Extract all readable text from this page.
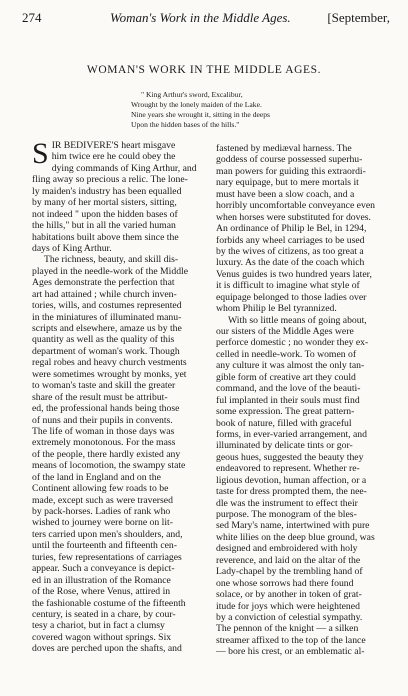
274	Woman's Work in the Middle Ages.	[September,
WOMAN'S WORK IN THE MIDDLE AGES.
" King Arthur's sword, Excalibur,
Wrought by the lonely maiden of the Lake.
Nine years she wrought it, sitting in the deeps
Upon the hidden bases of the hills."
S IR BEDIVERE'S heart misgave
him twice ere he could obey the
dying commands of King Arthur, and
fling away so precious a relic. The lone-
ly maiden's industry has been equalled
by many of her mortal sisters, sitting,
not indeed " upon the hidden bases of
the hills," but in all the varied human
habitations built above them since the
days of King Arthur.
The richness, beauty, and skill dis-
played in the needle-work of the Middle
Ages demonstrate the perfection that
art had attained ; while church inven-
tories, wills, and costumes represented
in the miniatures of illuminated manu-
scripts and elsewhere, amaze us by the
quantity as well as the quality of this
department of woman's work. Though
regal robes and heavy church vestments
were sometimes wrought by monks, yet
to woman's taste and skill the greater
share of the result must be attribut-
ed, the professional hands being those
of nuns and their pupils in convents.
The life of woman in those days was
extremely monotonous. For the mass
of the people, there hardly existed any
means of locomotion, the swampy state
of the land in England and on the
Continent allowing few roads to be
made, except such as were traversed
by pack-horses. Ladies of rank who
wished to journey were borne on lit-
ters carried upon men's shoulders, and,
until the fourteenth and fifteenth cen-
turies, few representations of carriages
appear. Such a conveyance is depict-
ed in an illustration of the Romance
of the Rose, where Venus, attired in
the fashionable costume of the fifteenth
century, is seated in a chare, by cour-
tesy a chariot, but in fact a clumsy
covered wagon without springs. Six
doves are perched upon the shafts, and
fastened by mediæval harness. The
goddess of course possessed superhu-
man powers for guiding this extraordi-
nary equipage, but to mere mortals it
must have been a slow coach, and a
horribly uncomfortable conveyance even
when horses were substituted for doves.
An ordinance of Philip le Bel, in 1294,
forbids any wheel carriages to be used
by the wives of citizens, as too great a
luxury. As the date of the coach which
Venus guides is two hundred years later,
it is difficult to imagine what style of
equipage belonged to those ladies over
whom Philip le Bel tyrannized.
With so little means of going about,
our sisters of the Middle Ages were
perforce domestic ; no wonder they ex-
celled in needle-work. To women of
any culture it was almost the only tan-
gible form of creative art they could
command, and the love of the beauti-
ful implanted in their souls must find
some expression. The great pattern-
book of nature, filled with graceful
forms, in ever-varied arrangement, and
illuminated by delicate tints or gor-
geous hues, suggested the beauty they
endeavored to represent. Whether re-
ligious devotion, human affection, or a
taste for dress prompted them, the nee-
dle was the instrument to effect their
purpose. The monogram of the bles-
sed Mary's name, intertwined with pure
white lilies on the deep blue ground, was
designed and embroidered with holy
reverence, and laid on the altar of the
Lady-chapel by the trembling hand of
one whose sorrows had there found
solace, or by another in token of grat-
itude for joys which were heightened
by a conviction of celestial sympathy.
The pennon of the knight — a silken
streamer affixed to the top of the lance
— bore his crest, or an emblematic al-
